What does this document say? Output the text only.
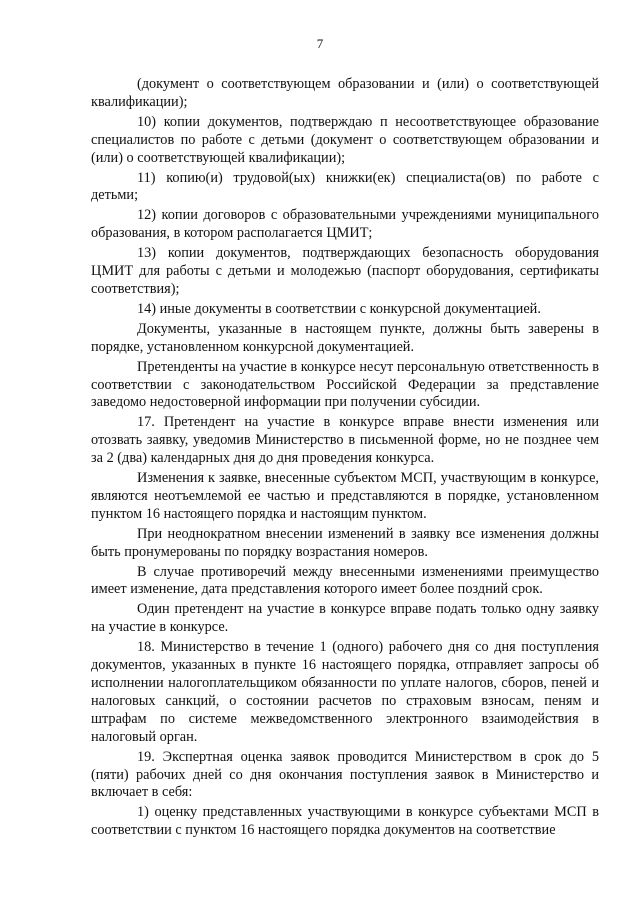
7

(документ о соответствующем образовании и (или) о соответствующей квалификации);

10) копии документов, подтверждаю п несоответствующее образование специалистов по работе с детьми (документ о соответствующем образовании и (или) о соответствующей квалификации);

11) копию(и) трудовой(ых) книжки(ек) специалиста(ов) по работе с детьми;

12) копии договоров с образовательными учреждениями муниципального образования, в котором располагается ЦМИТ;

13) копии документов, подтверждающих безопасность оборудования ЦМИТ для работы с детьми и молодежью (паспорт оборудования, сертификаты соответствия);

14) иные документы в соответствии с конкурсной документацией.

Документы, указанные в настоящем пункте, должны быть заверены в порядке, установленном конкурсной документацией.

Претенденты на участие в конкурсе несут персональную ответственность в соответствии с законодательством Российской Федерации за представление заведомо недостоверной информации при получении субсидии.

17. Претендент на участие в конкурсе вправе внести изменения или отозвать заявку, уведомив Министерство в письменной форме, но не позднее чем за 2 (два) календарных дня до дня проведения конкурса.

Изменения к заявке, внесенные субъектом МСП, участвующим в конкурсе, являются неотъемлемой ее частью и представляются в порядке, установленном пунктом 16 настоящего порядка и настоящим пунктом.

При неоднократном внесении изменений в заявку все изменения должны быть пронумерованы по порядку возрастания номеров.

В случае противоречий между внесенными изменениями преимущество имеет изменение, дата представления которого имеет более поздний срок.

Один претендент на участие в конкурсе вправе подать только одну заявку на участие в конкурсе.

18. Министерство в течение 1 (одного) рабочего дня со дня поступления документов, указанных в пункте 16 настоящего порядка, отправляет запросы об исполнении налогоплательщиком обязанности по уплате налогов, сборов, пеней и налоговых санкций, о состоянии расчетов по страховым взносам, пеням и штрафам по системе межведомственного электронного взаимодействия в налоговый орган.

19. Экспертная оценка заявок проводится Министерством в срок до 5 (пяти) рабочих дней со дня окончания поступления заявок в Министерство и включает в себя:

1) оценку представленных участвующими в конкурсе субъектами МСП в соответствии с пунктом 16 настоящего порядка документов на соответствие
